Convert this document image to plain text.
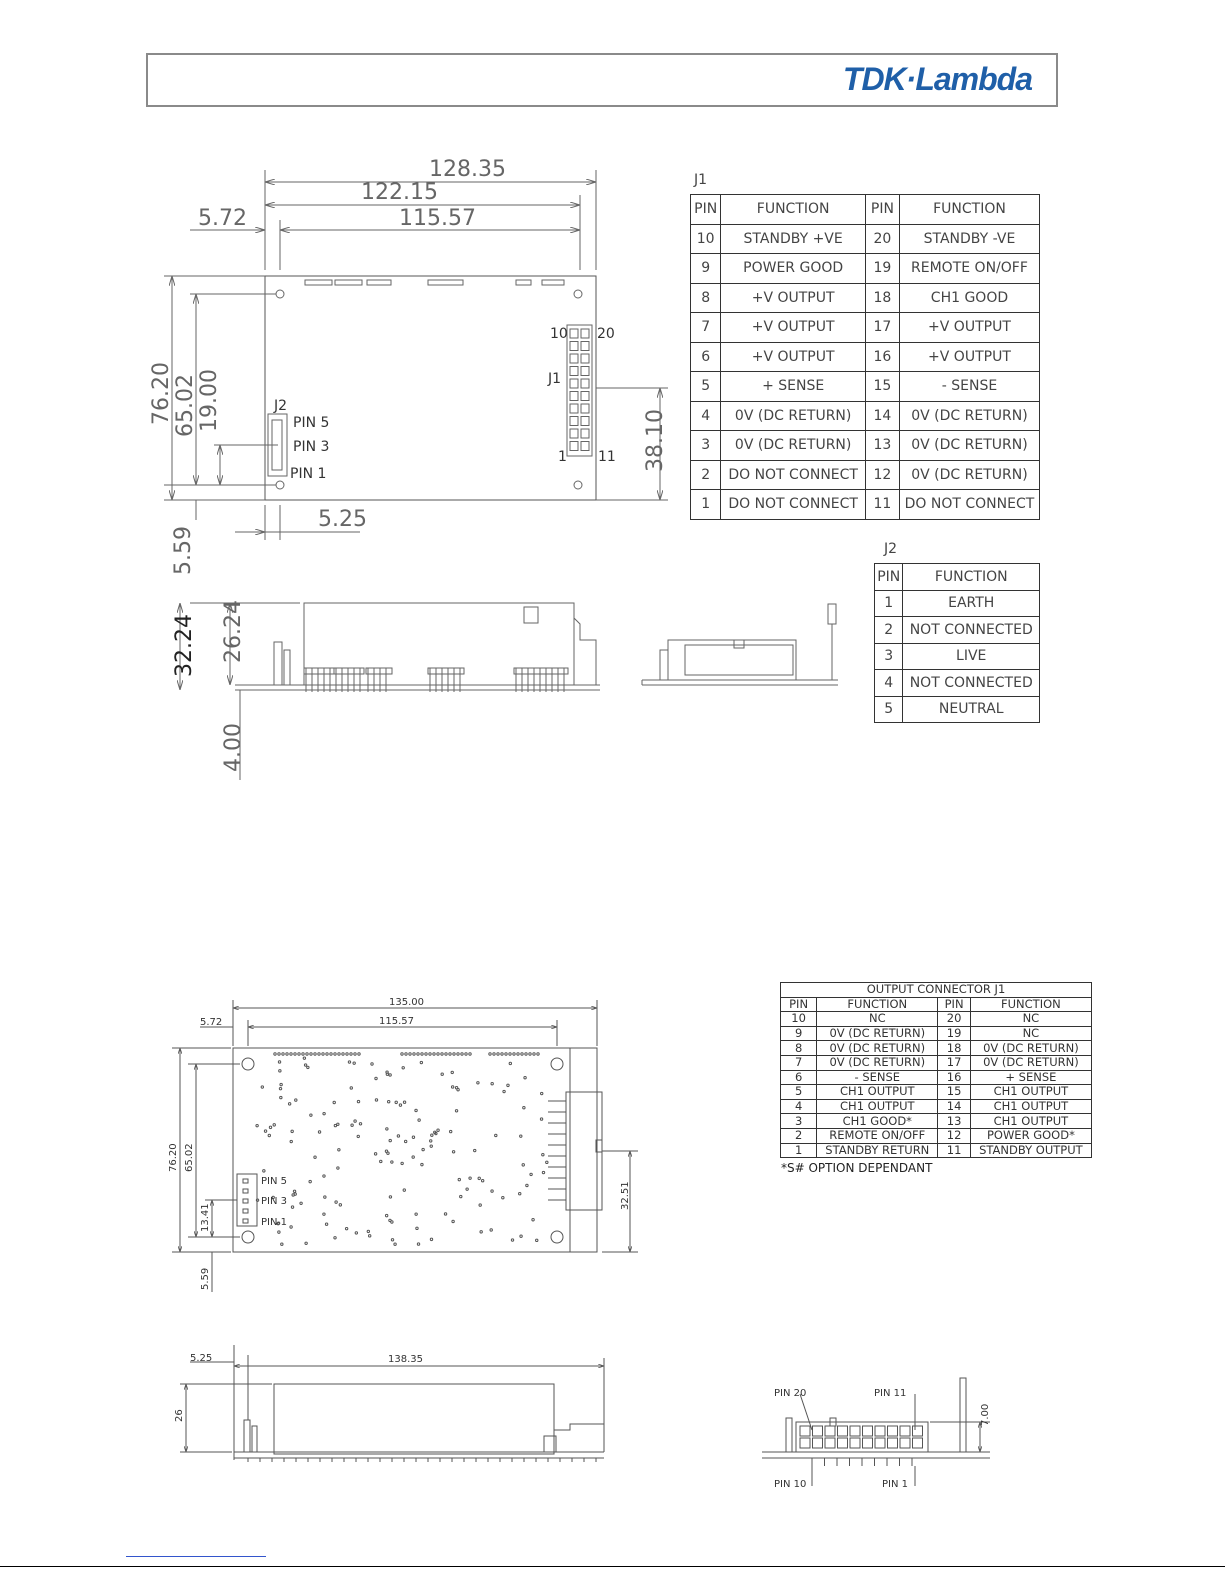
TDK·Lambda
128.35
122.15
115.57
5.72
5.25
76.20 65.02 19.00
38.10
5.59
32.24 26.24
4.00
J2
PIN 5
PIN 3
PIN 1
J1
10 20
1 11
J1
PIN	FUNCTION	PIN	FUNCTION
10	STANDBY +VE	20	STANDBY -VE
9	POWER GOOD	19	REMOTE ON/OFF
8	+V OUTPUT	18	CH1 GOOD
7	+V OUTPUT	17	+V OUTPUT
6	+V OUTPUT	16	+V OUTPUT
5	+ SENSE	15	- SENSE
4	0V (DC RETURN)	14	0V (DC RETURN)
3	0V (DC RETURN)	13	0V (DC RETURN)
2	DO NOT CONNECT	12	0V (DC RETURN)
1	DO NOT CONNECT	11	DO NOT CONNECT
J2
PIN	FUNCTION
1	EARTH
2	NOT CONNECTED
3	LIVE
4	NOT CONNECTED
5	NEUTRAL
135.00
115.57
5.72
76.20 65.02
13.41
5.59
32.51
138.35
5.25
26	7.00
PIN 5
PIN 3
PIN 1
PIN 20	PIN 11
PIN 10	PIN 1
OUTPUT CONNECTOR J1			
PIN	FUNCTION	PIN	FUNCTION
10	NC	20	NC
9	0V (DC RETURN)	19	NC
8	0V (DC RETURN)	18	0V (DC RETURN)
7	0V (DC RETURN)	17	0V (DC RETURN)
6	- SENSE	16	+ SENSE
5	CH1 OUTPUT	15	CH1 OUTPUT
4	CH1 OUTPUT	14	CH1 OUTPUT
3	CH1 GOOD*	13	CH1 OUTPUT
2	REMOTE ON/OFF	12	POWER GOOD*
1	STANDBY RETURN	11	STANDBY OUTPUT
*S# OPTION DEPENDANT
